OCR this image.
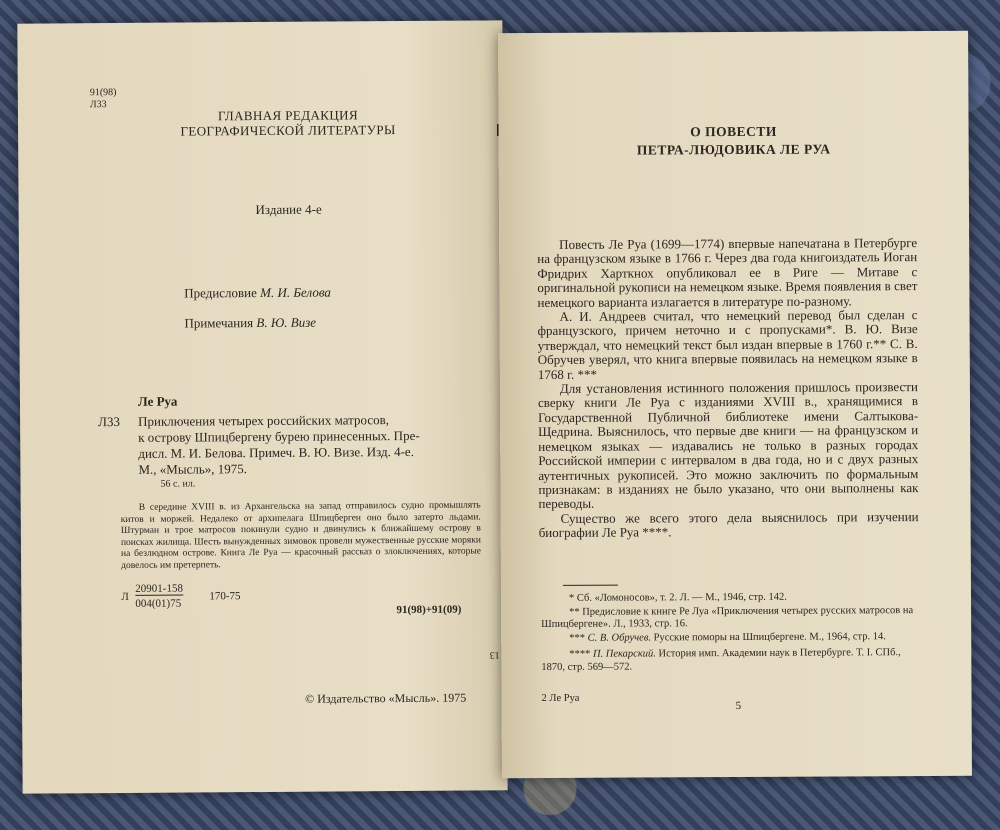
91(98)
Л33
ГЛАВНАЯ РЕДАКЦИЯ
ГЕОГРАФИЧЕСКОЙ ЛИТЕРАТУРЫ
Издание 4-е
Предисловие М. И. Белова
Примечания В. Ю. Визе
Ле Руа
Л33 Приключения четырех российских матросов,
к острову Шпицбергену бурею принесенных. Пре-
дисл. М. И. Белова. Примеч. В. Ю. Визе. Изд. 4-е.
М., «Мысль», 1975.
56 с. ил.
В середине XVIII в. из Архангельска на запад отправилось судно промышлять китов и моржей. Недалеко от архипелага Шпицберген оно было затерто льдами. Штурман и трое матросов покинули судно и двинулись к ближайшему острову в поисках жилища. Шесть вынужденных зимовок провели мужественные русские моряки на безлюдном острове. Книга Ле Руа — красочный рассказ о злоключениях, которые довелось им претерпеть.
Л
20901-158
004(01)75
170-75
91(98)+91(09)
13
© Издательство «Мысль». 1975
О ПОВЕСТИ
ПЕТРА-ЛЮДОВИКА ЛЕ РУА

Повесть Ле Руа (1699—1774) впервые напечатана в Петербурге на французском языке в 1766 г. Через два года книгоиздатель Иоган Фридрих Харткнох опубликовал ее в Риге — Митаве с оригинальной рукописи на немецком языке. Время появления в свет немецкого варианта излагается в литературе по-разному.

А. И. Андреев считал, что немецкий перевод был сделан с французского, причем неточно и с пропусками*. В. Ю. Визе утверждал, что немецкий текст был издан впервые в 1760 г.** С. В. Обручев уверял, что книга впервые появилась на немецком языке в 1768 г. ***

Для установления истинного положения пришлось произвести сверку книги Ле Руа с изданиями XVIII в., хранящимися в Государственной Публичной библиотеке имени Салтыкова-Щедрина. Выяснилось, что первые две книги — на французском и немецком языках — издавались не только в разных городах Российской империи с интервалом в два года, но и с двух разных аутентичных рукописей. Это можно заключить по формальным признакам: в изданиях не было указано, что они выполнены как переводы.

Существо же всего этого дела выяснилось при изучении биографии Ле Руа ****.

* Сб. «Ломоносов», т. 2. Л. — М., 1946, стр. 142.

** Предисловие к книге Ре Луа «Приключения четырех русских матросов на Шпицбергене». Л., 1933, стр. 16.

*** С. В. Обручев. Русские поморы на Шпицбергене. М., 1964, стр. 14.

**** П. Пекарский. История имп. Академии наук в Петербурге. Т. I. СПб., 1870, стр. 569—572.

2 Ле Руа
5
